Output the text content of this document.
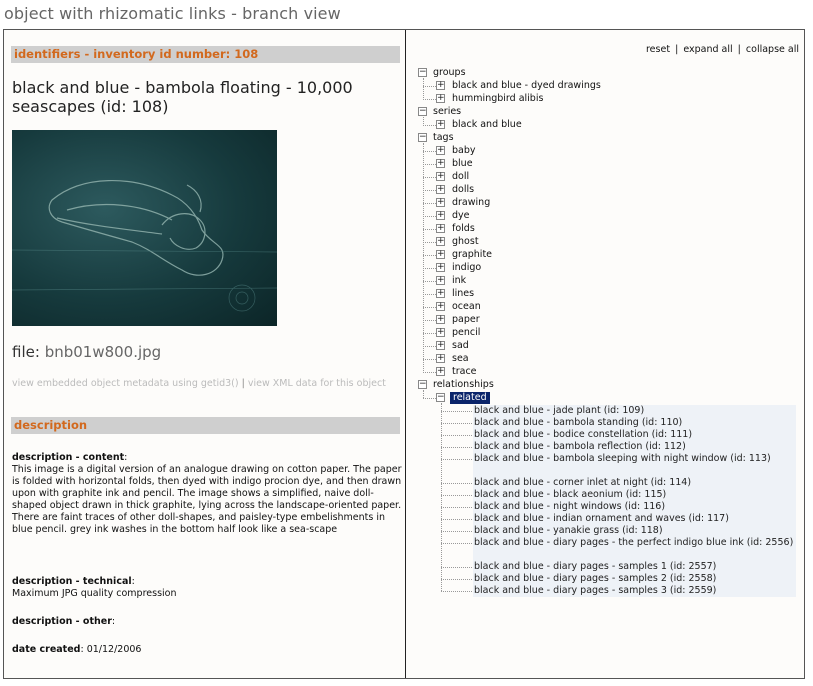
object with rhizomatic links - branch view
identifiers - inventory id number: 108
black and blue - bambola floating - 10,000 seascapes (id: 108)
file: bnb01w800.jpg
view embedded object metadata using getid3() | view XML data for this object
description
description - content:
This image is a digital version of an analogue drawing on cotton paper. The paper is folded with horizontal folds, then dyed with indigo procion dye, and then drawn upon with graphite ink and pencil. The image shows a simplified, naive doll-shaped object drawn in thick graphite, lying across the landscape-oriented paper. There are faint traces of other doll-shapes, and paisley-type embelishments in blue pencil. grey ink washes in the bottom half look like a sea-scape
description - technical:
Maximum JPG quality compression
description - other:
date created: 01/12/2006
reset | expand all | collapse all
− groups
+ black and blue - dyed drawings
+ hummingbird alibis
− series
+ black and blue
− tags
+ baby
+ blue
+ doll
+ dolls
+ drawing
+ dye
+ folds
+ ghost
+ graphite
+ indigo
+ ink
+ lines
+ ocean
+ paper
+ pencil
+ sad
+ sea
+ trace
− relationships
− related
black and blue - jade plant (id: 109)
black and blue - bambola standing (id: 110)
black and blue - bodice constellation (id: 111)
black and blue - bambola reflection (id: 112)
black and blue - bambola sleeping with night window (id: 113)
black and blue - corner inlet at night (id: 114)
black and blue - black aeonium (id: 115)
black and blue - night windows (id: 116)
black and blue - indian ornament and waves (id: 117)
black and blue - yanakie grass (id: 118)
black and blue - diary pages - the perfect indigo blue ink (id: 2556)
black and blue - diary pages - samples 1 (id: 2557)
black and blue - diary pages - samples 2 (id: 2558)
black and blue - diary pages - samples 3 (id: 2559)
